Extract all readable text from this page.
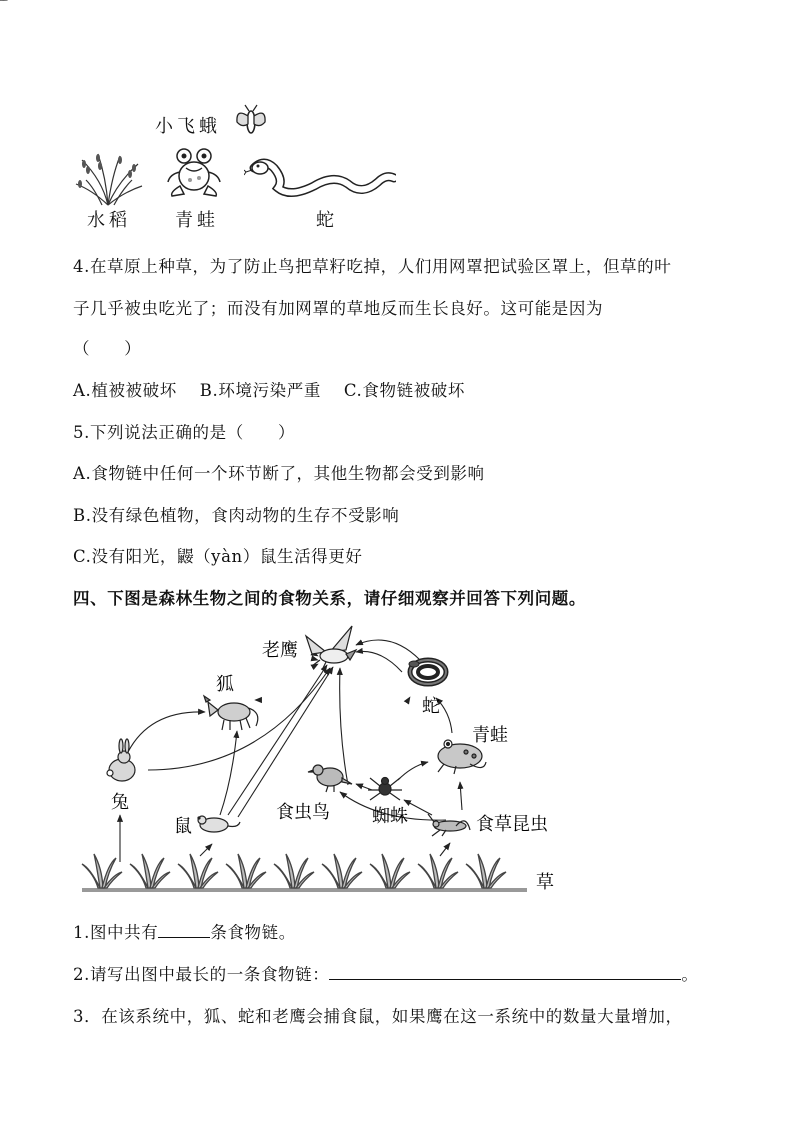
小飞蛾
水稻 青蛙	蛇
4.在草原上种草，为了防止鸟把草籽吃掉，人们用网罩把试验区罩上，但草的叶
子几乎被虫吃光了；而没有加网罩的草地反而生长良好。这可能是因为
（　　）
A.植被被破坏　 B.环境污染严重　 C.食物链被破坏
5.下列说法正确的是（　　）
A.食物链中任何一个环节断了，其他生物都会受到影响
B.没有绿色植物，食肉动物的生存不受影响
C.没有阳光，鼹（yàn）鼠生活得更好
四、下图是森林生物之间的食物关系，请仔细观察并回答下列问题。
老鹰
狐
蛇
青蛙
兔
鼠
食虫鸟 蜘蛛	食草昆虫
草
1.图中共有	条食物链。
2.请写出图中最长的一条食物链：	。
3．在该系统中，狐、蛇和老鹰会捕食鼠，如果鹰在这一系统中的数量大量增加，
